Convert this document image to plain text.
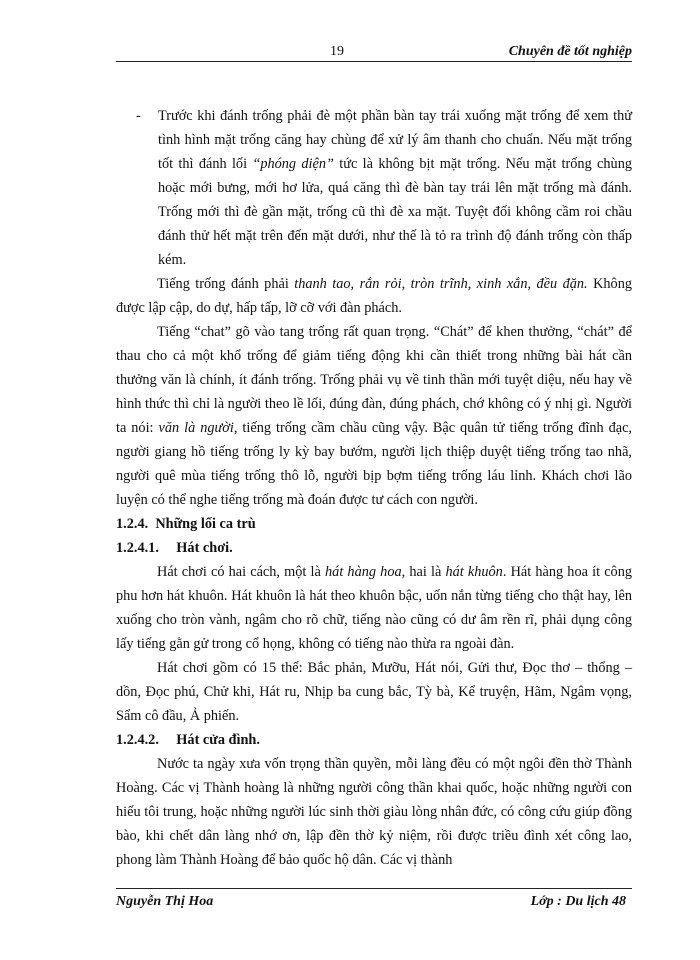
19	Chuyên đề tốt nghiệp

- Trước khi đánh trống phải đè một phần bàn tay trái xuống mặt trống để xem thử tình hình mặt trống căng hay chùng để xử lý âm thanh cho chuẩn. Nếu mặt trống tốt thì đánh lối “phóng diện” tức là không bịt mặt trống. Nếu mặt trống chùng hoặc mới bưng, mới hơ lửa, quá căng thì đè bàn tay trái lên mặt trống mà đánh. Trống mới thì đè gần mặt, trống cũ thì đè xa mặt. Tuyệt đối không cầm roi chầu đánh thử hết mặt trên đến mặt dưới, như thế là tỏ ra trình độ đánh trống còn thấp kém.

Tiếng trống đánh phải thanh tao, rắn rỏi, tròn trĩnh, xinh xắn, đều đặn. Không được lập cập, do dự, hấp tấp, lỡ cỡ với đàn phách.

Tiếng “chat” gõ vào tang trống rất quan trọng. “Chát” để khen thưởng, “chát” để thau cho cả một khổ trống để giảm tiếng động khi cần thiết trong những bài hát cần thưởng văn là chính, ít đánh trống. Trống phải vụ về tinh thần mới tuyệt diệu, nếu hay về hình thức thì chỉ là người theo lề lối, đúng đàn, đúng phách, chớ không có ý nhị gì. Người ta nói: văn là người, tiếng trống cầm chầu cũng vậy. Bậc quân tử tiếng trống đĩnh đạc, người giang hồ tiếng trống ly kỳ bay bướm, người lịch thiệp duyệt tiếng trống tao nhã, người quê mùa tiếng trống thô lỗ, người bịp bợm tiếng trống láu lỉnh. Khách chơi lão luyện có thể nghe tiếng trống mà đoán được tư cách con người.

1.2.4. Những lối ca trù

1.2.4.1. Hát chơi.

Hát chơi có hai cách, một là hát hàng hoa, hai là hát khuôn. Hát hàng hoa ít công phu hơn hát khuôn. Hát khuôn là hát theo khuôn bậc, uốn nắn từng tiếng cho thật hay, lên xuống cho tròn vành, ngâm cho rõ chữ, tiếng nào cũng có dư âm rền rĩ, phải dụng công lấy tiếng gằn gử trong cổ họng, không có tiếng nào thừa ra ngoài đàn.

Hát chơi gồm có 15 thể: Bắc phản, Mưỡu, Hát nói, Gửi thư, Đọc thơ – thổng – dồn, Đọc phú, Chử khi, Hát ru, Nhịp ba cung bắc, Tỳ bà, Kể truyện, Hãm, Ngâm vọng, Sẩm cô đầu, Ả phiến.

1.2.4.2. Hát cửa đình.

Nước ta ngày xưa vốn trọng thần quyền, mỗi làng đều có một ngôi đền thờ Thành Hoàng. Các vị Thành hoàng là những người công thần khai quốc, hoặc những người con hiếu tôi trung, hoặc những người lúc sinh thời giàu lòng nhân đức, có công cứu giúp đồng bào, khi chết dân làng nhớ ơn, lập đền thờ kỷ niệm, rồi được triều đình xét công lao, phong làm Thành Hoàng để bảo quốc hộ dân. Các vị thành

Nguyễn Thị Hoa	Lớp : Du lịch 48
